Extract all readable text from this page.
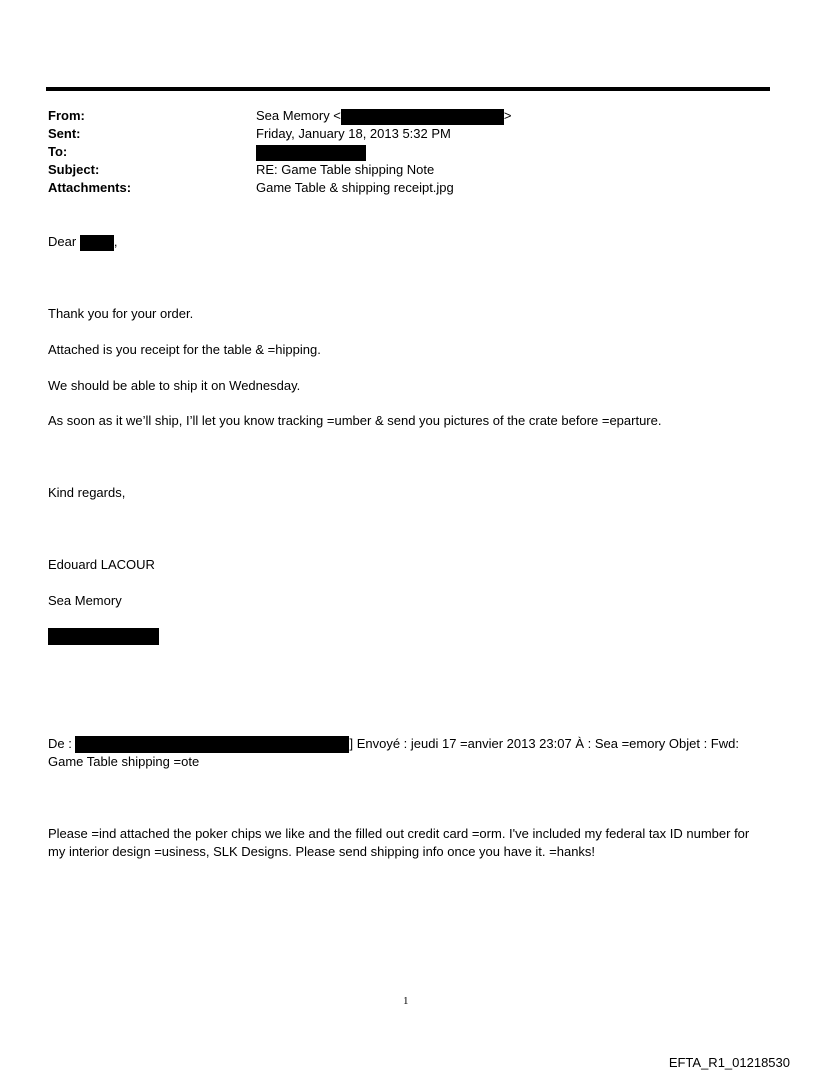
From:	Sea Memory <	>
Sent:	Friday, January 18, 2013 5:32 PM
To:
Subject:	RE: Game Table shipping Note
Attachments:	Game Table & shipping receipt.jpg
Dear	,
Thank you for your order.
Attached is you receipt for the table & =hipping.
We should be able to ship it on Wednesday.
As soon as it we’ll ship, I’ll let you know tracking =umber & send you pictures of the crate before =eparture.
Kind regards,
Edouard LACOUR
Sea Memory
De :	] Envoyé : jeudi 17 =anvier 2013 23:07 À : Sea =emory Objet : Fwd:
Game Table shipping =ote
Please =ind attached the poker chips we like and the filled out credit card =orm. I've included my federal tax ID number for my interior design =usiness, SLK Designs. Please send shipping info once you have it. =hanks!
1
EFTA_R1_01218530
